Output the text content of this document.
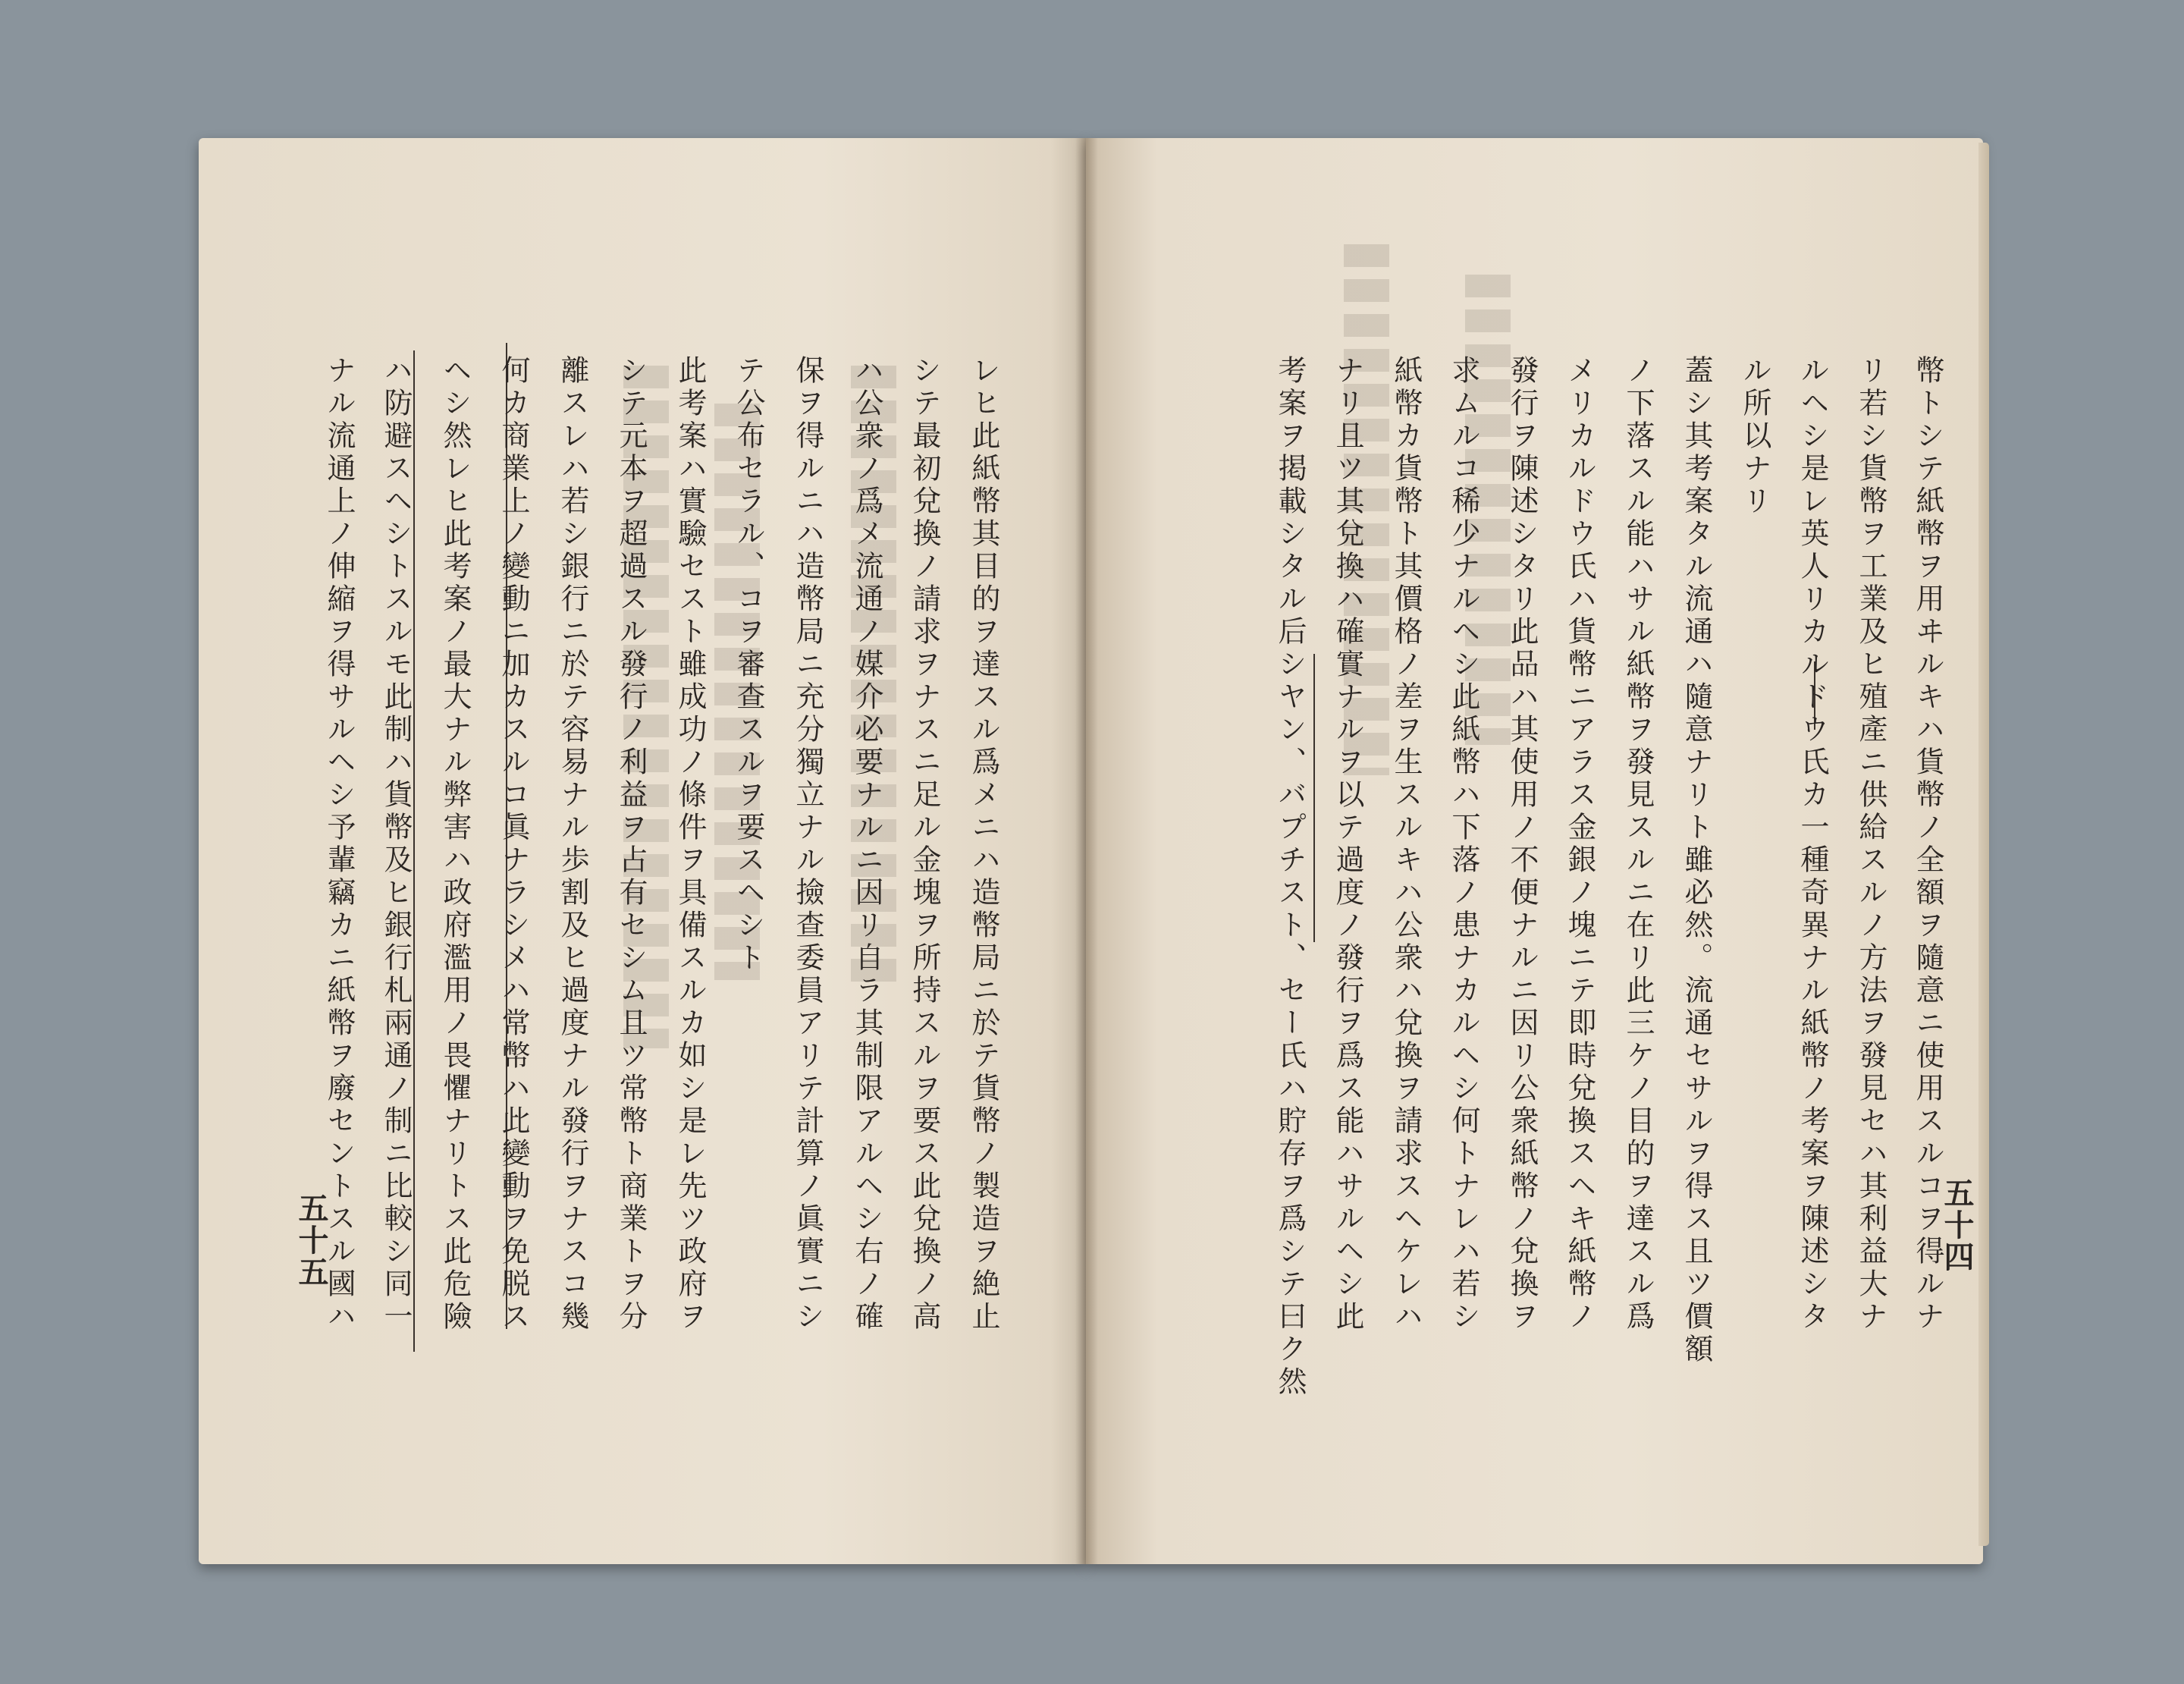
レヒ此紙幣其目的ヲ達スル爲メニハ造幣局ニ於テ貨幣ノ製造ヲ絶止
シテ最初兌換ノ請求ヲナスニ足ル金塊ヲ所持スルヲ要ス此兌換ノ高
ハ公衆ノ爲メ流通ノ媒介必要ナルニ因リ自ラ其制限アルヘシ右ノ確
保ヲ得ルニハ造幣局ニ充分獨立ナル撿查委員アリテ計算ノ眞實ニシ
テ公布セラル、コヲ審查スルヲ要スヘシト
此考案ハ實驗セスト雖成功ノ條件ヲ具備スルカ如シ是レ先ツ政府ヲ
シテ元本ヲ超過スル發行ノ利益ヲ占有セシム且ツ常幣ト商業トヲ分
離スレハ若シ銀行ニ於テ容易ナル歩割及ヒ過度ナル發行ヲナスコ幾
何カ商業上ノ變動ニ加カスルコ眞ナラシメハ常幣ハ此變動ヲ免脱ス
ヘシ然レヒ此考案ノ最大ナル弊害ハ政府濫用ノ畏懼ナリトス此危險
ハ防避スヘシトスルモ此制ハ貨幣及ヒ銀行札兩通ノ制ニ比較シ同一
ナル流通上ノ伸縮ヲ得サルヘシ予輩竊カニ紙幣ヲ廢セントスル國ハ
五十五	幣トシテ紙幣ヲ用ヰルキハ貨幣ノ全額ヲ隨意ニ使用スルコヲ得ルナ
リ若シ貨幣ヲ工業及ヒ殖產ニ供給スルノ方法ヲ發見セハ其利益大ナ
ルヘシ是レ英人リカルドウ氏カ一種奇異ナル紙幣ノ考案ヲ陳述シタ
ル所以ナリ
蓋シ其考案タル流通ハ隨意ナリト雖必然。流通セサルヲ得ス且ツ價額
ノ下落スル能ハサル紙幣ヲ發見スルニ在リ此三ケノ目的ヲ達スル爲
メリカルドウ氏ハ貨幣ニアラス金銀ノ塊ニテ即時兌換スヘキ紙幣ノ
發行ヲ陳述シタリ此品ハ其使用ノ不便ナルニ因リ公衆紙幣ノ兌換ヲ
求ムルコ稀少ナルヘシ此紙幣ハ下落ノ患ナカルヘシ何トナレハ若シ
紙幣カ貨幣ト其價格ノ差ヲ生スルキハ公衆ハ兌換ヲ請求スヘケレハ
ナリ且ツ其兌換ハ確實ナルヲ以テ過度ノ發行ヲ爲ス能ハサルヘシ此
考案ヲ掲載シタル后シヤン、バプチスト、セー氏ハ貯存ヲ爲シテ曰ク然	五十四
